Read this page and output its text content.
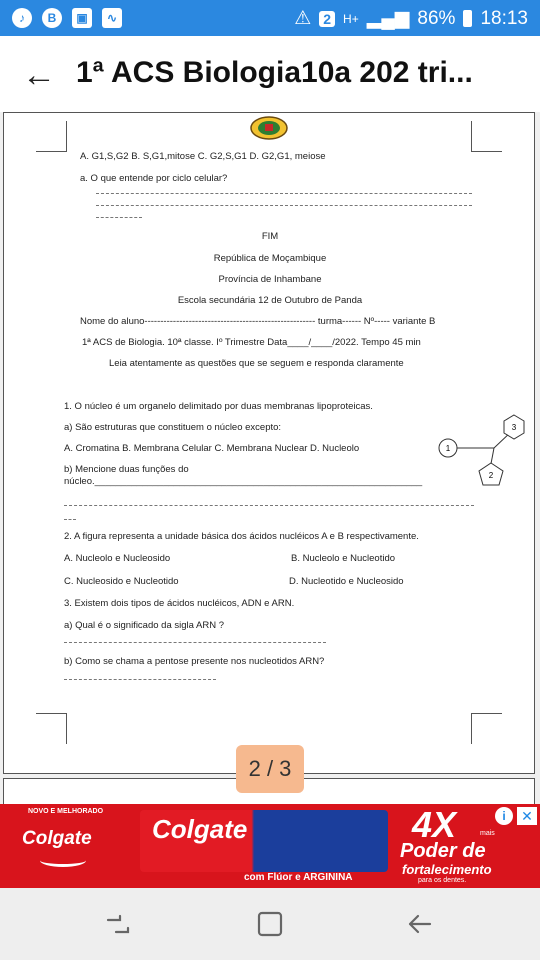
♪	B	▣	∿	⚠ 2	H+ ▂▄▆ 86% 18:13
← 1ª ACS Biologia10a 202 tri...
A. G1,S,G2 B. S,G1,mitose C. G2,S,G1 D. G2,G1, meiose
a. O que entende por ciclo celular?
FIM
República de Moçambique
Província de Inhambane
Escola secundária 12 de Outubro de Panda
Nome do aluno------------------------------------------------------ turma------ Nº----- variante B
1ª ACS de Biologia. 10ª classe. Iº Trimestre Data____/____/2022. Tempo 45 min
Leia atentamente as questões que se seguem e responda claramente
1. O núcleo é um organelo delimitado por duas membranas lipoproteicas.
a) São estruturas que constituem o núcleo excepto:
A. Cromatina B. Membrana Celular C. Membrana Nuclear D. Nucleolo
b) Mencione duas funções do
núcleo.______________________________________________________________
1
3
2
2. A figura representa a unidade básica dos ácidos nucléicos A e B respectivamente.
A. Nucleolo e Nucleosido	B. Nucleolo e Nucleotido
C. Nucleosido e Nucleotido	D. Nucleotido e Nucleosido
3. Existem dois tipos de ácidos nucléicos, ADN e ARN.
a) Qual é o significado da sigla ARN ?
b) Como se chama a pentose presente nos nucleotidos ARN?
2 / 3
NOVO E MELHORADO
Colgate Colgate
com Flúor e ARGININA
4X	mais
Poder de
fortalecimento
para os dentes.
i	✕
